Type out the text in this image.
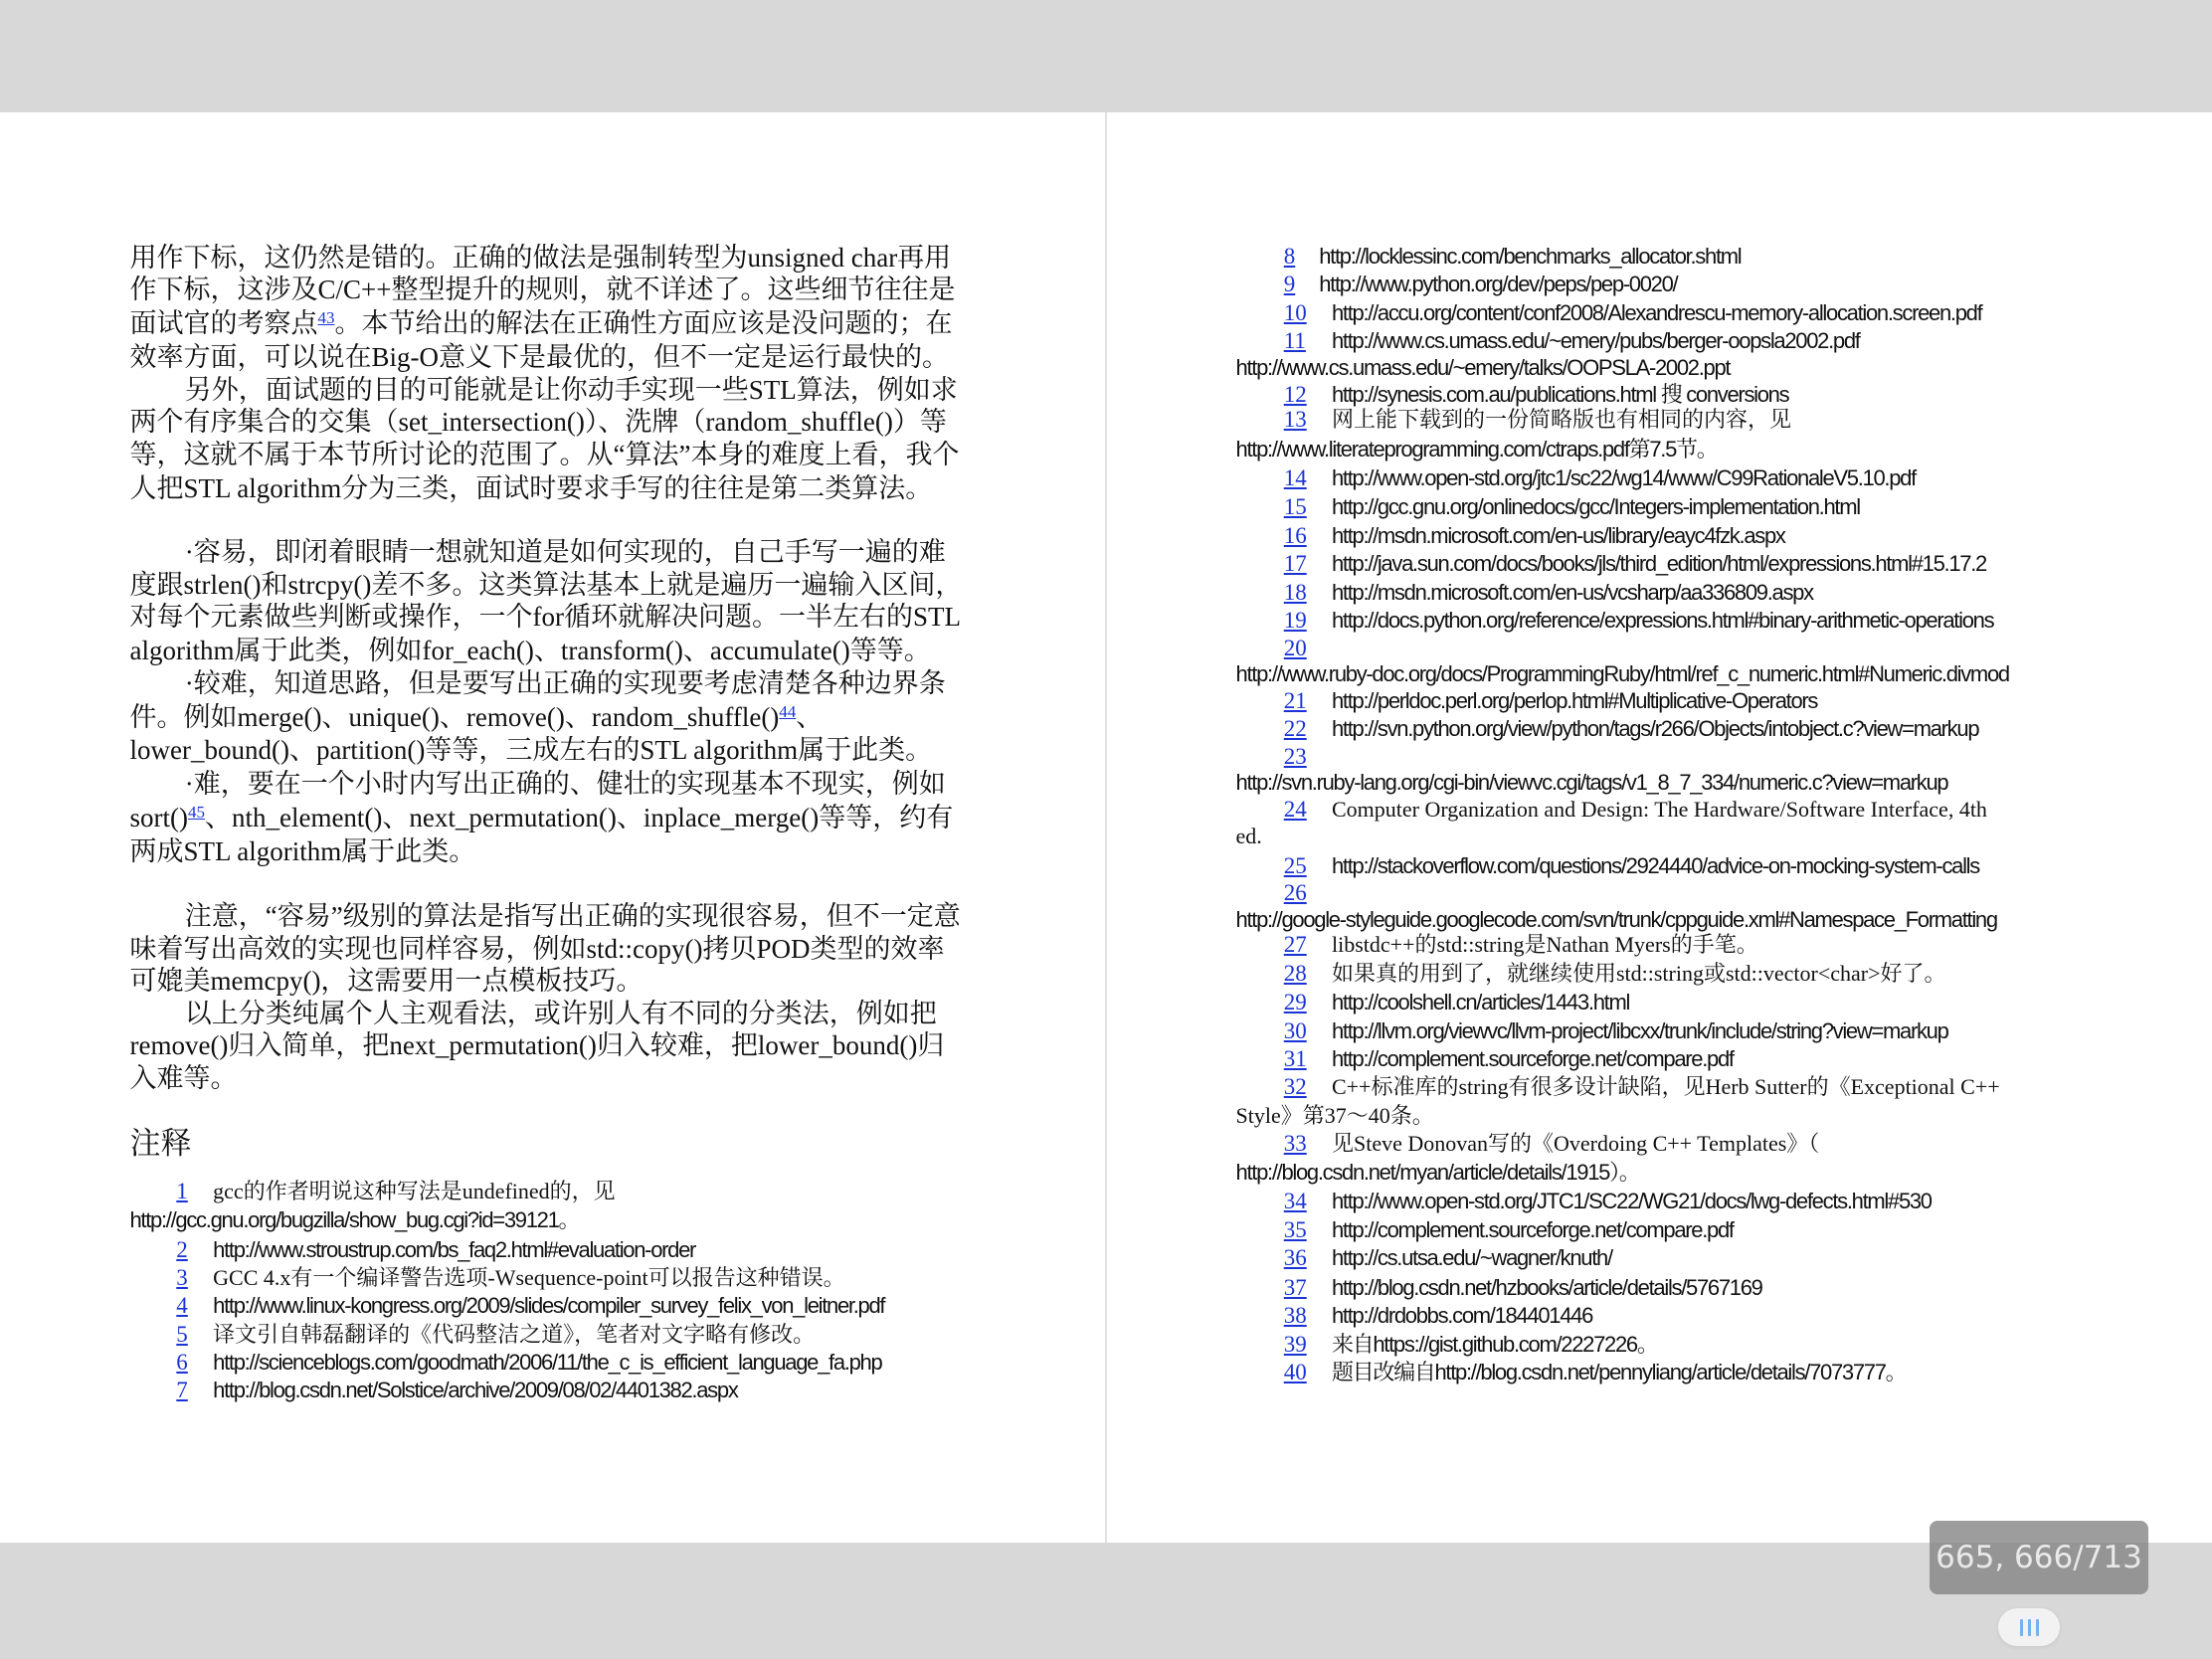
注释
用作下标，这仍然是错的。正确的做法是强制转型为unsigned char再用
作下标，这涉及C/C++整型提升的规则，就不详述了。这些细节往往是
面试官的考察点$^{43}$。本节给出的解法在正确性方面应该是没问题的；在
效率方面，可以说在Big-O意义下是最优的，但不一定是运行最快的。
另外，面试题的目的可能就是让你动手实现一些STL算法，例如求
两个有序集合的交集（set_intersection()）、洗牌（random_shuffle()）等
等，这就不属于本节所讨论的范围了。从“算法”本身的难度上看，我个
人把STL algorithm分为三类，面试时要求手写的往往是第二类算法。
·容易，即闭着眼睛一想就知道是如何实现的，自己手写一遍的难
度跟strlen()和strcpy()差不多。这类算法基本上就是遍历一遍输入区间，
对每个元素做些判断或操作，一个for循环就解决问题。一半左右的STL
algorithm属于此类，例如for_each()、transform()、accumulate()等等。
·较难，知道思路，但是要写出正确的实现要考虑清楚各种边界条
件。例如merge()、unique()、remove()、random_shuffle()$^{44}$、
lower_bound()、partition()等等，三成左右的STL algorithm属于此类。
·难，要在一个小时内写出正确的、健壮的实现基本不现实，例如
sort()$^{45}$、nth_element()、next_permutation()、inplace_merge()等等，约有
两成STL algorithm属于此类。
注意，“容易”级别的算法是指写出正确的实现很容易，但不一定意
味着写出高效的实现也同样容易，例如std::copy()拷贝POD类型的效率
可媲美memcpy()，这需要用一点模板技巧。
以上分类纯属个人主观看法，或许别人有不同的分类法，例如把
remove()归入简单，把next_permutation()归入较难，把lower_bound()归
入难等。
1 gcc的作者明说这种写法是undefined的，见
http://gcc.gnu.org/bugzilla/show_bug.cgi?id=39121。
2 http://www.stroustrup.com/bs_faq2.html#evaluation-order
3 GCC 4.x有一个编译警告选项-Wsequence-point可以报告这种错误。
4 http://www.linux-kongress.org/2009/slides/compiler_survey_felix_von_leitner.pdf
5 译文引自韩磊翻译的《代码整洁之道》，笔者对文字略有修改。
6 http://scienceblogs.com/goodmath/2006/11/the_c_is_efficient_language_fa.php
7 http://blog.csdn.net/Solstice/archive/2009/08/02/4401382.aspx
8 http://locklessinc.com/benchmarks_allocator.shtml
9 http://www.python.org/dev/peps/pep-0020/
10 http://accu.org/content/conf2008/Alexandrescu-memory-allocation.screen.pdf
11 http://www.cs.umass.edu/~emery/pubs/berger-oopsla2002.pdf
http://www.cs.umass.edu/~emery/talks/OOPSLA-2002.ppt
12 http://synesis.com.au/publications.html 搜 conversions
13 网上能下载到的一份简略版也有相同的内容，见
http://www.literateprogramming.com/ctraps.pdf第7.5节。
14 http://www.open-std.org/jtc1/sc22/wg14/www/C99RationaleV5.10.pdf
15 http://gcc.gnu.org/onlinedocs/gcc/Integers-implementation.html
16 http://msdn.microsoft.com/en-us/library/eayc4fzk.aspx
17 http://java.sun.com/docs/books/jls/third_edition/html/expressions.html#15.17.2
18 http://msdn.microsoft.com/en-us/vcsharp/aa336809.aspx
19 http://docs.python.org/reference/expressions.html#binary-arithmetic-operations
20
http://www.ruby-doc.org/docs/ProgrammingRuby/html/ref_c_numeric.html#Numeric.divmod
21 http://perldoc.perl.org/perlop.html#Multiplicative-Operators
22 http://svn.python.org/view/python/tags/r266/Objects/intobject.c?view=markup
23
http://svn.ruby-lang.org/cgi-bin/viewvc.cgi/tags/v1_8_7_334/numeric.c?view=markup
24 Computer Organization and Design: The Hardware/Software Interface, 4th
ed.
25 http://stackoverflow.com/questions/2924440/advice-on-mocking-system-calls
26
http://google-styleguide.googlecode.com/svn/trunk/cppguide.xml#Namespace_Formatting
27 libstdc++的std::string是Nathan Myers的手笔。
28 如果真的用到了，就继续使用std::string或std::vector<char>好了。
29 http://coolshell.cn/articles/1443.html
30 http://llvm.org/viewvc/llvm-project/libcxx/trunk/include/string?view=markup
31 http://complement.sourceforge.net/compare.pdf
32 C++标准库的string有很多设计缺陷，见Herb Sutter的《Exceptional C++
Style》第37～40条。
33 见Steve Donovan写的《Overdoing C++ Templates》（
http://blog.csdn.net/myan/article/details/1915）。
34 http://www.open-std.org/JTC1/SC22/WG21/docs/lwg-defects.html#530
35 http://complement.sourceforge.net/compare.pdf
36 http://cs.utsa.edu/~wagner/knuth/
37 http://blog.csdn.net/hzbooks/article/details/5767169
38 http://drdobbs.com/184401446
39 来自https://gist.github.com/2227226。
40 题目改编自http://blog.csdn.net/pennyliang/article/details/7073777。
665, 666/713
